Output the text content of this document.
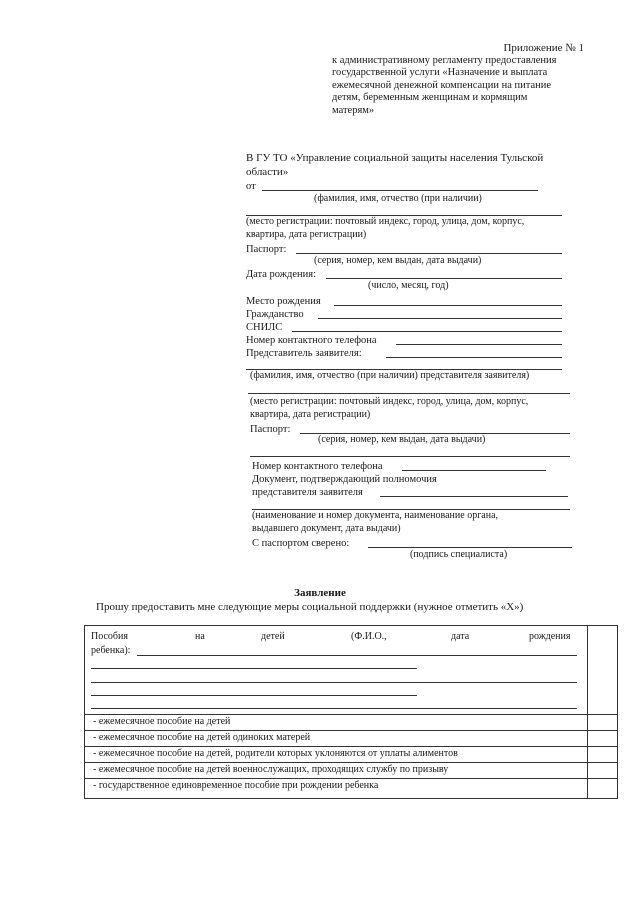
Приложение № 1
к административному регламенту предоставления
государственной услуги «Назначение и выплата
ежемесячной денежной компенсации на питание
детям, беременным женщинам и кормящим
матерям»
В ГУ ТО «Управление социальной защиты населения Тульской
области»
от
(фамилия, имя, отчество (при наличии)
(место регистрации: почтовый индекс, город, улица, дом, корпус,
квартира, дата регистрации)
Паспорт:
(серия, номер, кем выдан, дата выдачи)
Дата рождения:
(число, месяц, год)
Место рождения
Гражданство
СНИЛС
Номер контактного телефона
Представитель заявителя:
(фамилия, имя, отчество (при наличии) представителя заявителя)
(место регистрации: почтовый индекс, город, улица, дом, корпус,
квартира, дата регистрации)
Паспорт:
(серия, номер, кем выдан, дата выдачи)
Номер контактного телефона
Документ, подтверждающий полномочия
представителя заявителя
(наименование и номер документа, наименование органа,
выдавшего документ, дата выдачи)
С паспортом сверено:
(подпись специалиста)
Заявление
Прошу предоставить мне следующие меры социальной поддержки (нужное отметить «Х»)
Пособия	на	детей	(Ф.И.О.,	дата	рождения
ребенка):
- ежемесячное пособие на детей
- ежемесячное пособие на детей одиноких матерей
- ежемесячное пособие на детей, родители которых уклоняются от уплаты алиментов
- ежемесячное пособие на детей военнослужащих, проходящих службу по призыву
- государственное единовременное пособие при рождении ребенка
